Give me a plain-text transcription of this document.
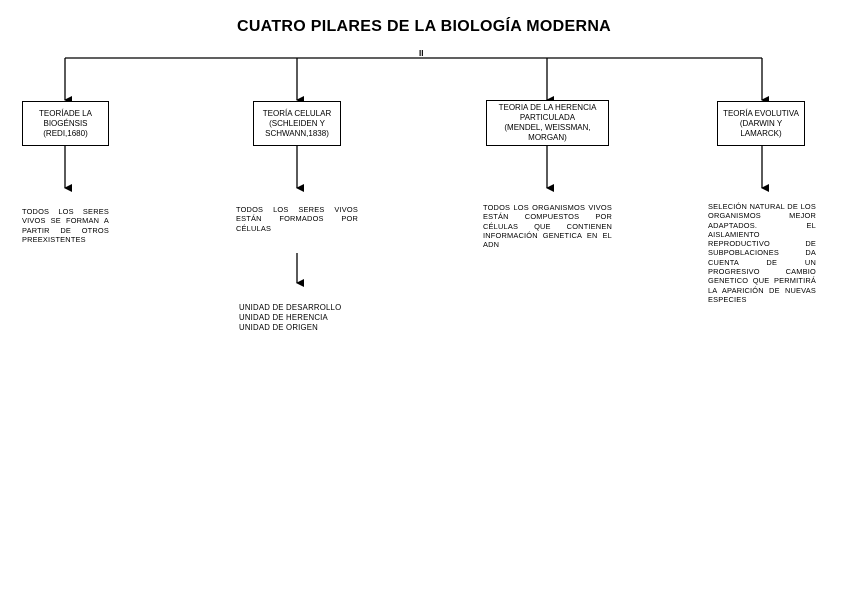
CUATRO PILARES DE LA BIOLOGÍA MODERNA
II
TEORÍADE LA
BIOGÉNSIS
(REDI,1680)
TODOS LOS SERES VIVOS SE FORMAN A PARTIR DE OTROS PREEXISTENTES
TEORÍA CELULAR
(SCHLEIDEN Y
SCHWANN,1838)
TODOS LOS SERES VIVOS ESTÁN FORMADOS POR CÉLULAS
UNIDAD DE DESARROLLO
UNIDAD DE HERENCIA
UNIDAD DE ORIGEN
TEORIA DE LA HERENCIA
PARTICULADA
(MENDEL, WEISSMAN,
MORGAN)
TODOS LOS ORGANISMOS VIVOS ESTÁN COMPUESTOS POR CÉLULAS QUE CONTIENEN INFORMACIÓN GENETICA EN EL ADN
TEORÍA EVOLUTIVA
(DARWIN Y
LAMARCK)
SELECIÓN NATURAL DE LOS ORGANISMOS MEJOR ADAPTADOS. EL AISLAMIENTO REPRODUCTIVO DE SUBPOBLACIONES DA CUENTA DE UN PROGRESIVO CAMBIO GENETICO QUE PERMITIRÁ LA APARICIÓN DE NUEVAS ESPECIES
